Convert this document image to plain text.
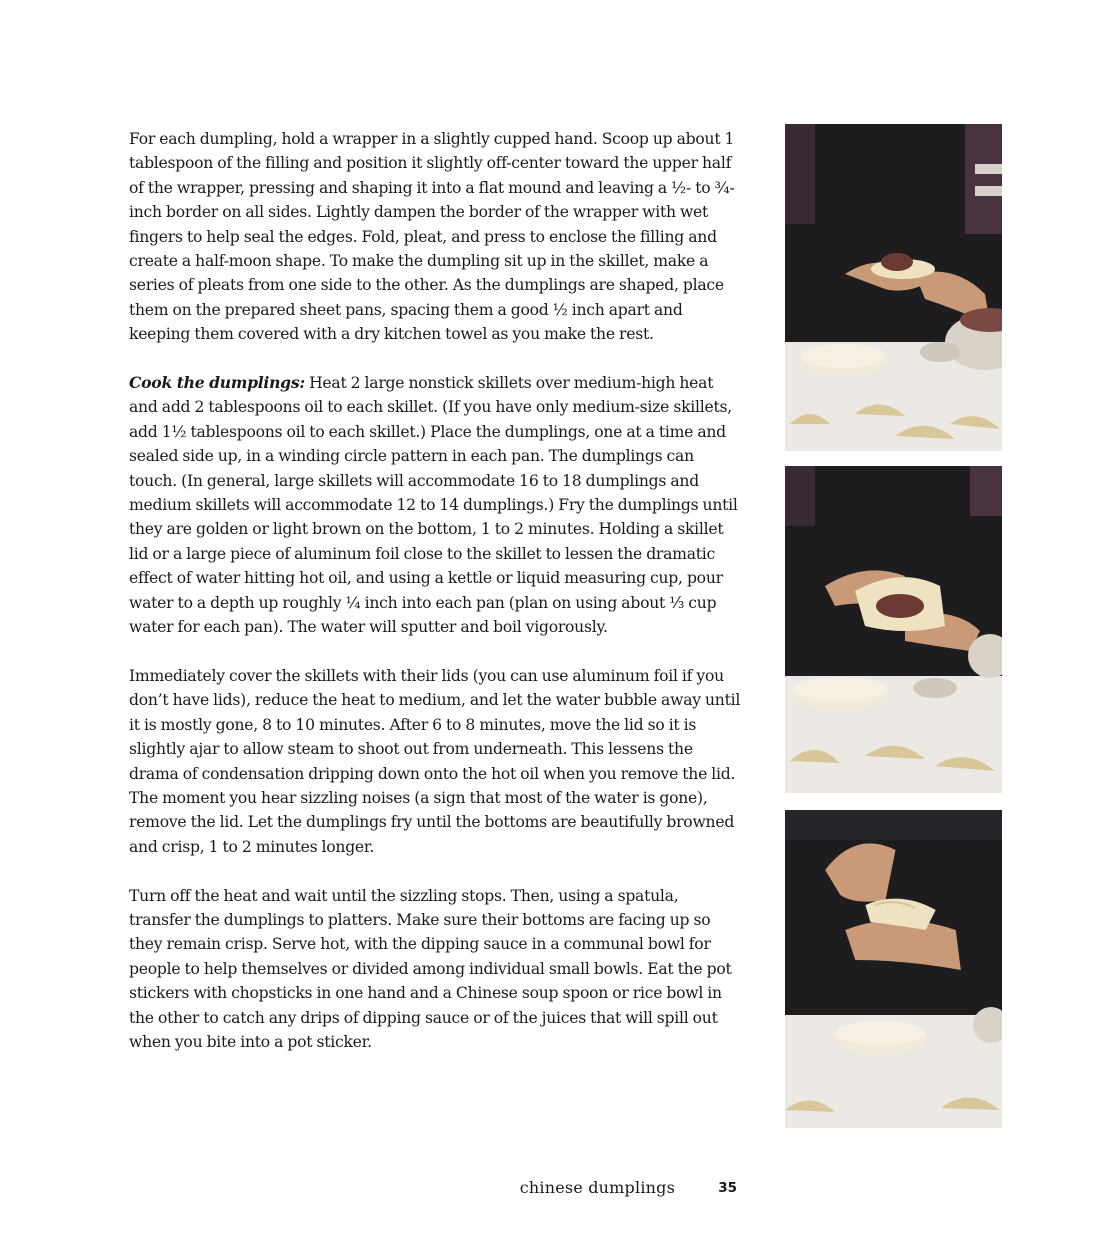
For each dumpling, hold a wrapper in a slightly cupped hand. Scoop up about 1 tablespoon of the filling and position it slightly off-center toward the upper half of the wrapper, pressing and shaping it into a flat mound and leaving a ½- to ¾-inch border on all sides. Lightly dampen the border of the wrapper with wet fingers to help seal the edges. Fold, pleat, and press to enclose the filling and create a half-moon shape. To make the dumpling sit up in the skillet, make a series of pleats from one side to the other. As the dumplings are shaped, place them on the prepared sheet pans, spacing them a good ½ inch apart and keeping them covered with a dry kitchen towel as you make the rest.

Cook the dumplings: Heat 2 large nonstick skillets over medium-high heat and add 2 tablespoons oil to each skillet. (If you have only medium-size skillets, add 1½ tablespoons oil to each skillet.) Place the dumplings, one at a time and sealed side up, in a winding circle pattern in each pan. The dumplings can touch. (In general, large skillets will accommodate 16 to 18 dumplings and medium skillets will accommodate 12 to 14 dumplings.) Fry the dumplings until they are golden or light brown on the bottom, 1 to 2 minutes. Holding a skillet lid or a large piece of aluminum foil close to the skillet to lessen the dramatic effect of water hitting hot oil, and using a kettle or liquid measuring cup, pour water to a depth up roughly ¼ inch into each pan (plan on using about ⅓ cup water for each pan). The water will sputter and boil vigorously.

Immediately cover the skillets with their lids (you can use aluminum foil if you don’t have lids), reduce the heat to medium, and let the water bubble away until it is mostly gone, 8 to 10 minutes. After 6 to 8 minutes, move the lid so it is slightly ajar to allow steam to shoot out from underneath. This lessens the drama of condensation dripping down onto the hot oil when you remove the lid. The moment you hear sizzling noises (a sign that most of the water is gone), remove the lid. Let the dumplings fry until the bottoms are beautifully browned and crisp, 1 to 2 minutes longer.

Turn off the heat and wait until the sizzling stops. Then, using a spatula, transfer the dumplings to platters. Make sure their bottoms are facing up so they remain crisp. Serve hot, with the dipping sauce in a communal bowl for people to help themselves or divided among individual small bowls. Eat the pot stickers with chopsticks in one hand and a Chinese soup spoon or rice bowl in the other to catch any drips of dipping sauce or of the juices that will spill out when you bite into a pot sticker.

chinese dumplings	35
